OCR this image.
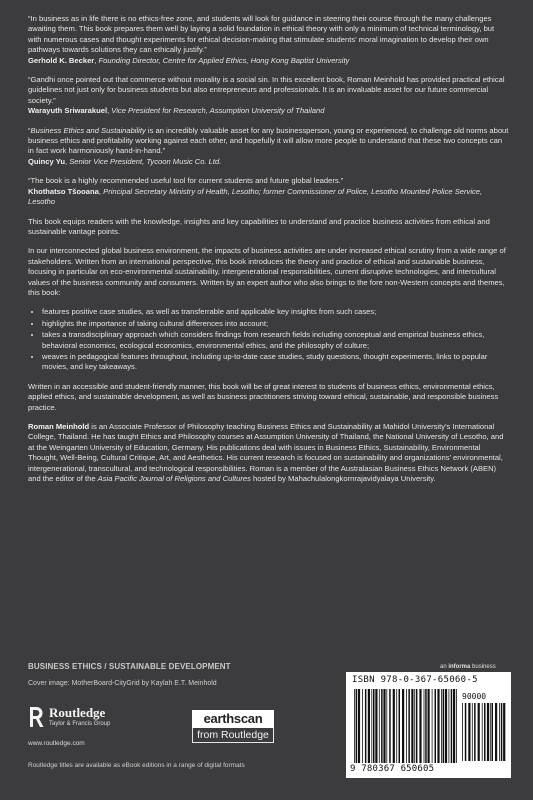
“In business as in life there is no ethics-free zone, and students will look for guidance in steering their course through the many challenges awaiting them. This book prepares them well by laying a solid foundation in ethical theory with only a minimum of technical terminology, but with numerous cases and thought experiments for ethical decision-making that stimulate students’ moral imagination to develop their own pathways towards solutions they can ethically justify.”

Gerhold K. Becker, Founding Director, Centre for Applied Ethics, Hong Kong Baptist University

“Gandhi once pointed out that commerce without morality is a social sin. In this excellent book, Roman Meinhold has provided practical ethical guidelines not just only for business students but also entrepreneurs and professionals. It is an invaluable asset for our future commercial society.”

Warayuth Sriwarakuel, Vice President for Research, Assumption University of Thailand

“Business Ethics and Sustainability is an incredibly valuable asset for any businessperson, young or experienced, to challenge old norms about business ethics and profitability working against each other, and hopefully it will allow more people to understand that these two concepts can in fact work harmoniously hand-in-hand.”

Quincy Yu, Senior Vice President, Tycoon Music Co. Ltd.

“The book is a highly recommended useful tool for current students and future global leaders.”

Khothatso Tšooana, Principal Secretary Ministry of Health, Lesotho; former Commissioner of Police, Lesotho Mounted Police Service, Lesotho

This book equips readers with the knowledge, insights and key capabilities to understand and practice business activities from ethical and sustainable vantage points.

In our interconnected global business environment, the impacts of business activities are under increased ethical scrutiny from a wide range of stakeholders. Written from an international perspective, this book introduces the theory and practice of ethical and sustainable business, focusing in particular on eco-environmental sustainability, intergenerational responsibilities, current disruptive technologies, and intercultural values of the business community and consumers. Written by an expert author who also brings to the fore non-Western concepts and themes, this book:

• features positive case studies, as well as transferrable and applicable key insights from such cases;
• highlights the importance of taking cultural differences into account;
• takes a transdisciplinary approach which considers findings from research fields including conceptual and empirical business ethics, behavioral economics, ecological economics, environmental ethics, and the philosophy of culture;
• weaves in pedagogical features throughout, including up-to-date case studies, study questions, thought experiments, links to popular movies, and key takeaways.

Written in an accessible and student-friendly manner, this book will be of great interest to students of business ethics, environmental ethics, applied ethics, and sustainable development, as well as business practitioners striving toward ethical, sustainable, and responsible business practice.

Roman Meinhold is an Associate Professor of Philosophy teaching Business Ethics and Sustainability at Mahidol University’s International College, Thailand. He has taught Ethics and Philosophy courses at Assumption University of Thailand, the National University of Lesotho, and at the Weingarten University of Education, Germany. His publications deal with issues in Business Ethics, Sustainability, Environmental Thought, Well-Being, Cultural Critique, Art, and Aesthetics. His current research is focused on sustainability and organizations’ environmental, intergenerational, transcultural, and technological responsibilities. Roman is a member of the Australasian Business Ethics Network (ABEN) and the editor of the Asia Pacific Journal of Religions and Cultures hosted by Mahachulalongkornrajavidyalaya University.

BUSINESS ETHICS / SUSTAINABLE DEVELOPMENT
Cover image: MotherBoard-CityGrid by Kaylah E.T. Meinhold
Routledge
Taylor & Francis Group
www.routledge.com
earthscan
from Routledge
Routledge titles are available as eBook editions in a range of digital formats
an informa business
ISBN 978-0-367-65060-5
90000
9 780367 650605
